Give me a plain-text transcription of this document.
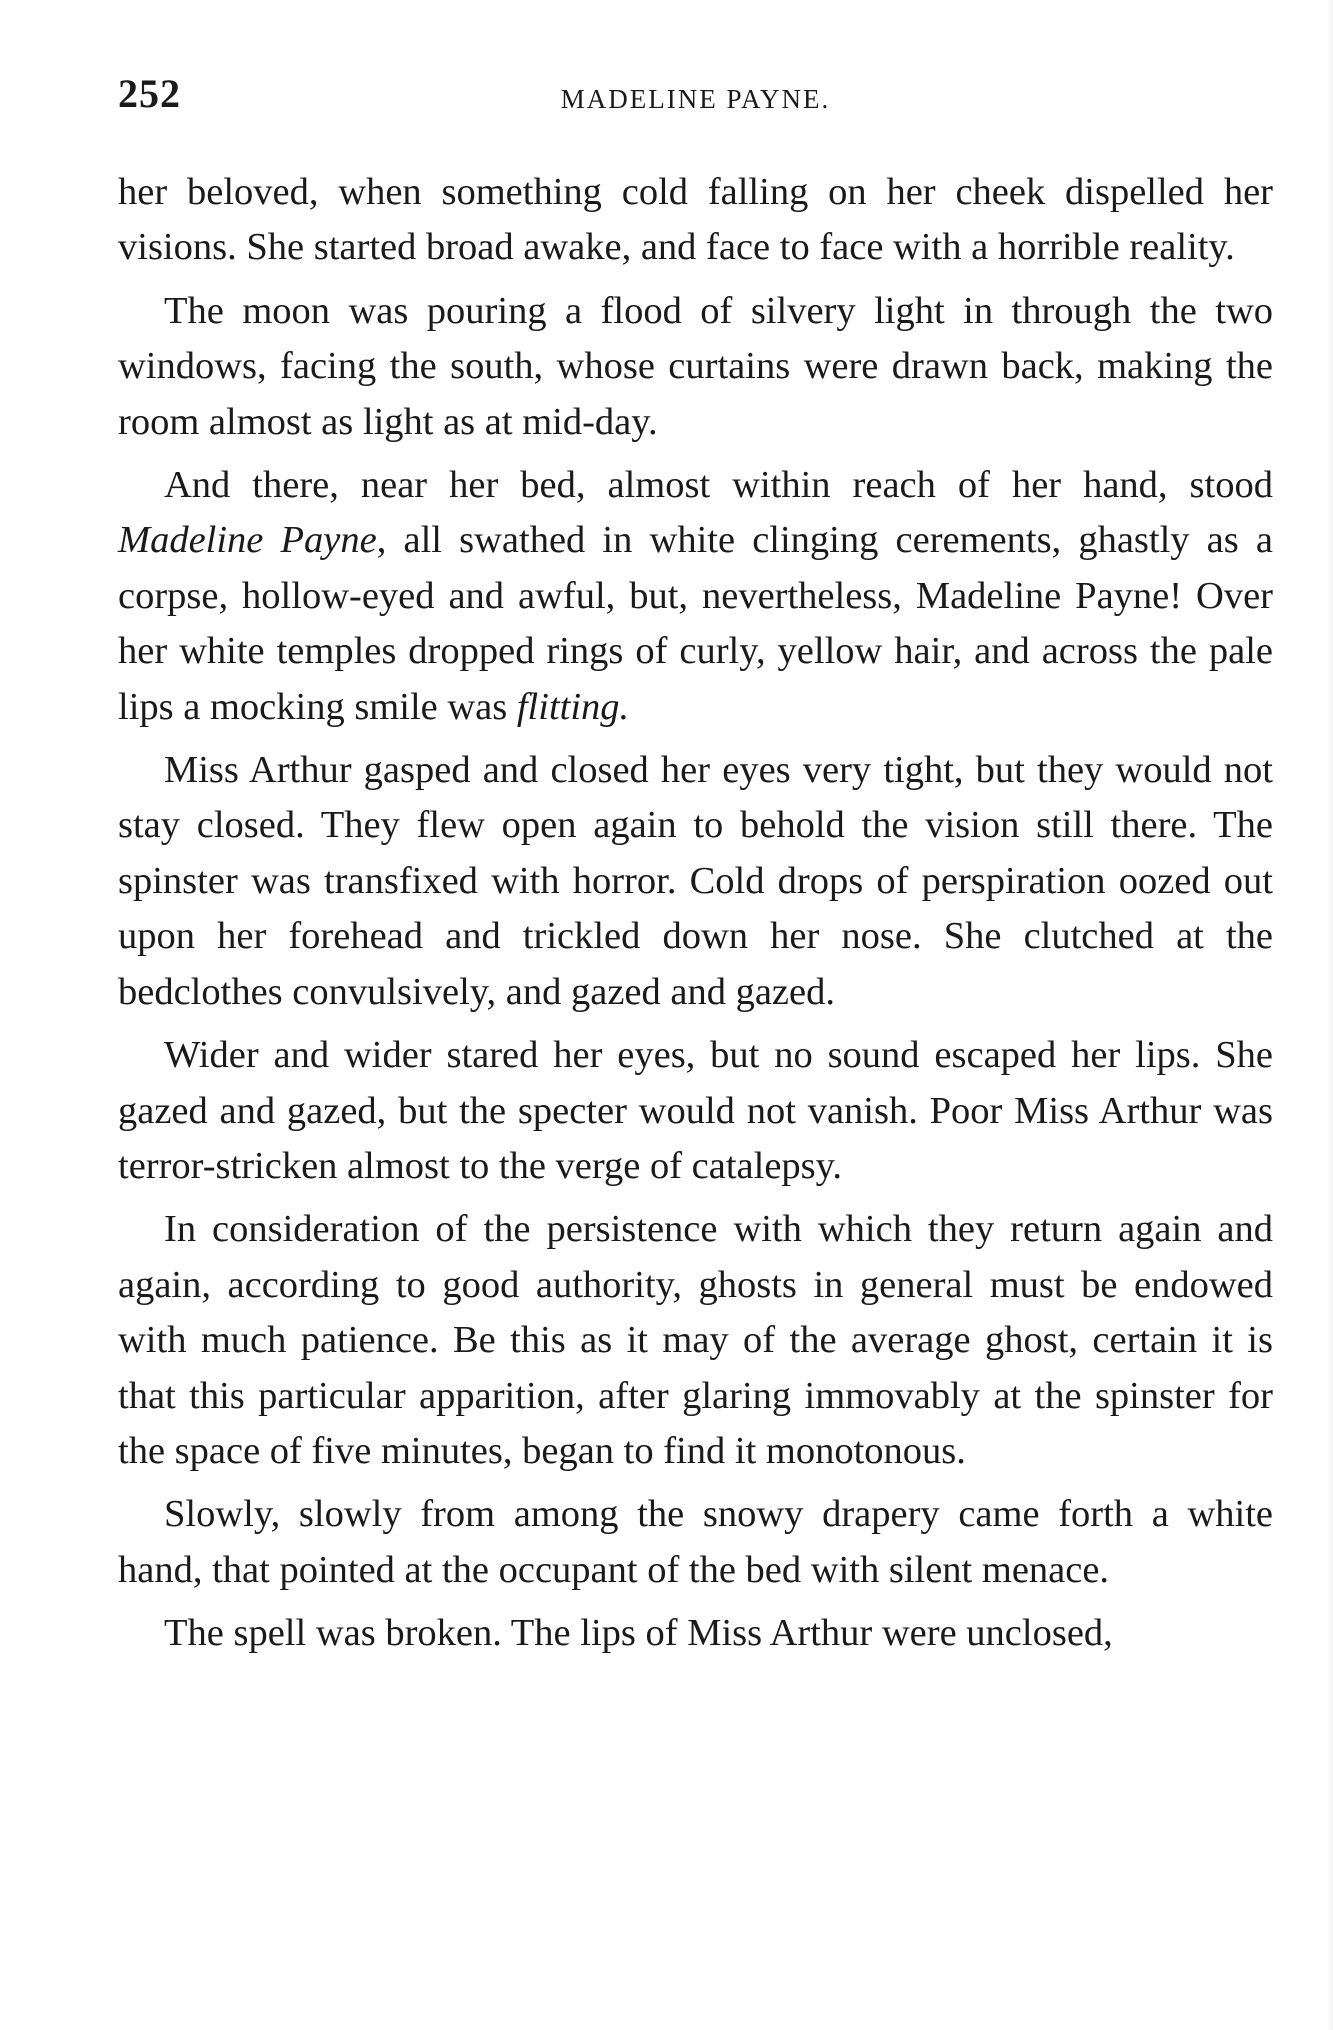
252	MADELINE PAYNE.

her beloved, when something cold falling on her cheek dispelled her visions. She started broad awake, and face to face with a horrible reality.

The moon was pouring a flood of silvery light in through the two windows, facing the south, whose curtains were drawn back, making the room almost as light as at mid-day.

And there, near her bed, almost within reach of her hand, stood Madeline Payne, all swathed in white clinging cerements, ghastly as a corpse, hollow-eyed and awful, but, nevertheless, Madeline Payne! Over her white temples dropped rings of curly, yellow hair, and across the pale lips a mocking smile was flitting.

Miss Arthur gasped and closed her eyes very tight, but they would not stay closed. They flew open again to behold the vision still there. The spinster was transfixed with horror. Cold drops of perspiration oozed out upon her forehead and trickled down her nose. She clutched at the bedclothes convulsively, and gazed and gazed.

Wider and wider stared her eyes, but no sound escaped her lips. She gazed and gazed, but the specter would not vanish. Poor Miss Arthur was terror-stricken almost to the verge of catalepsy.

In consideration of the persistence with which they return again and again, according to good authority, ghosts in general must be endowed with much patience. Be this as it may of the average ghost, certain it is that this particular apparition, after glaring immovably at the spinster for the space of five minutes, began to find it monotonous.

Slowly, slowly from among the snowy drapery came forth a white hand, that pointed at the occupant of the bed with silent menace.

The spell was broken. The lips of Miss Arthur were unclosed,
